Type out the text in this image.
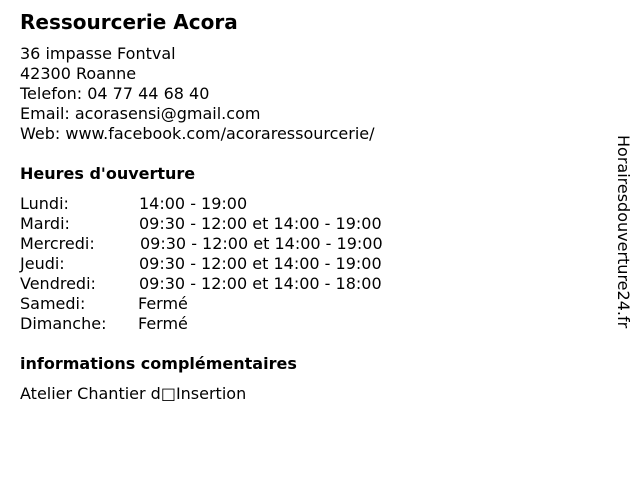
Ressourcerie Acora
36 impasse Fontval
42300 Roanne
Telefon: 04 77 44 68 40
Email: acorasensi@gmail.com
Web: www.facebook.com/acoraressourcerie/
Heures d'ouverture
Lundi:	14:00 - 19:00
Mardi:	09:30 - 12:00 et 14:00 - 19:00
Mercredi:	09:30 - 12:00 et 14:00 - 19:00
Jeudi:	09:30 - 12:00 et 14:00 - 19:00
Vendredi:	09:30 - 12:00 et 14:00 - 18:00
Samedi:	Fermé
Dimanche: Fermé
informations complémentaires
Atelier Chantier d□Insertion
Horairesdouverture24.fr
